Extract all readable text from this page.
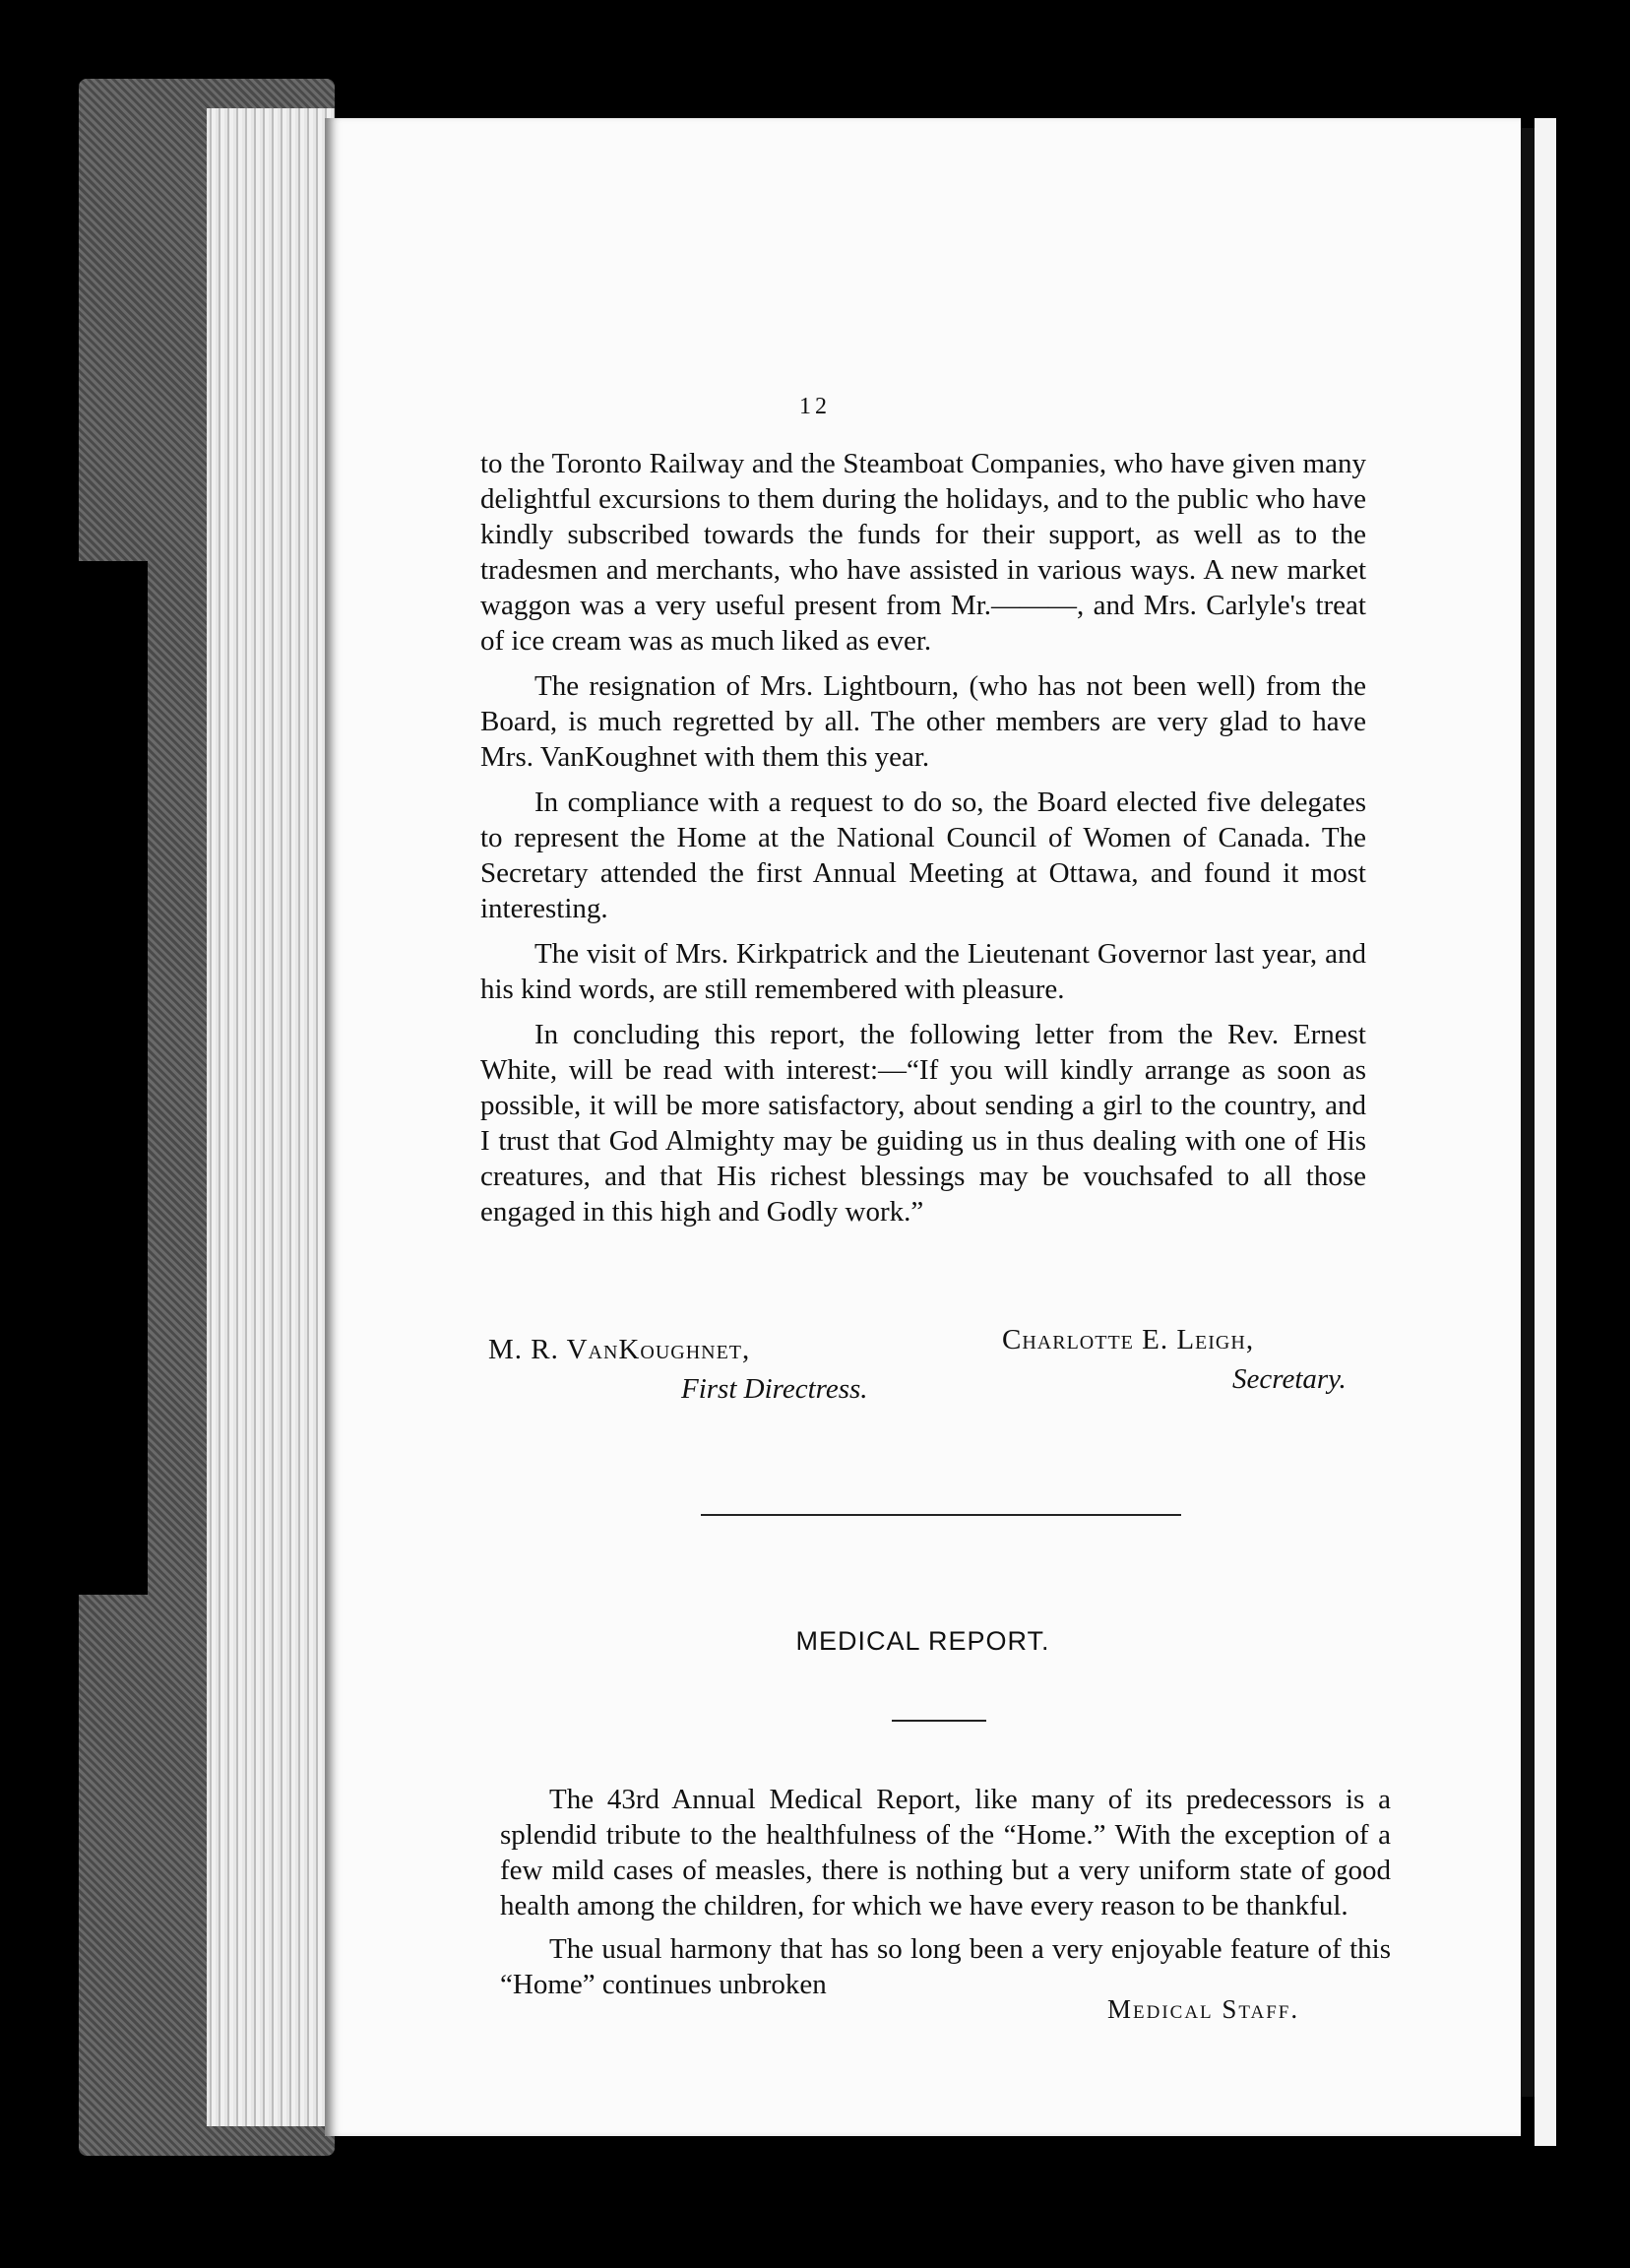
12

to the Toronto Railway and the Steamboat Companies, who have given many delightful excursions to them during the holidays, and to the public who have kindly subscribed towards the funds for their support, as well as to the tradesmen and merchants, who have assisted in various ways. A new market waggon was a very useful present from Mr.———, and Mrs. Carlyle's treat of ice cream was as much liked as ever.

The resignation of Mrs. Lightbourn, (who has not been well) from the Board, is much regretted by all. The other members are very glad to have Mrs. VanKoughnet with them this year.

In compliance with a request to do so, the Board elected five delegates to represent the Home at the National Council of Women of Canada. The Secretary attended the first Annual Meeting at Ottawa, and found it most interesting.

The visit of Mrs. Kirkpatrick and the Lieutenant Governor last year, and his kind words, are still remembered with pleasure.

In concluding this report, the following letter from the Rev. Ernest White, will be read with interest:—“If you will kindly arrange as soon as possible, it will be more satisfactory, about sending a girl to the country, and I trust that God Almighty may be guiding us in thus dealing with one of His creatures, and that His richest blessings may be vouchsafed to all those engaged in this high and Godly work.”

M. R. VanKoughnet,
First Directress.
Charlotte E. Leigh,
Secretary.
MEDICAL REPORT.

The 43rd Annual Medical Report, like many of its predecessors is a splendid tribute to the healthfulness of the “Home.” With the exception of a few mild cases of measles, there is nothing but a very uniform state of good health among the children, for which we have every reason to be thankful.

The usual harmony that has so long been a very enjoyable feature of this “Home” continues unbroken

Medical Staff.
